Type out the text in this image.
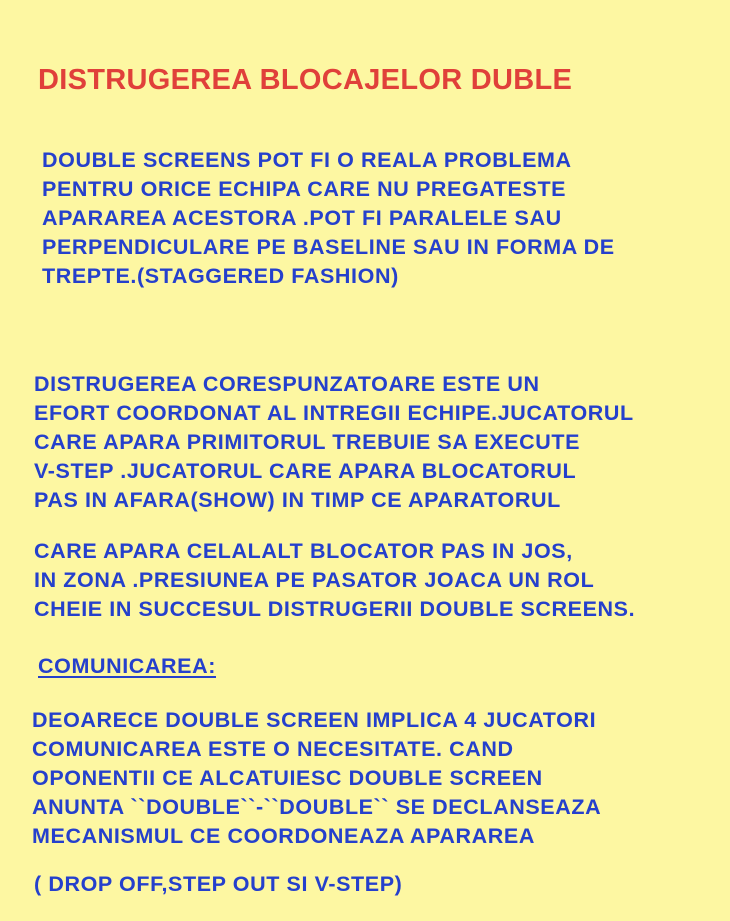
DISTRUGEREA BLOCAJELOR DUBLE
DOUBLE SCREENS POT FI O REALA PROBLEMA
PENTRU ORICE ECHIPA CARE NU PREGATESTE
APARAREA ACESTORA .POT FI PARALELE SAU
PERPENDICULARE PE BASELINE SAU IN FORMA DE
TREPTE.(STAGGERED FASHION)
DISTRUGEREA CORESPUNZATOARE ESTE UN
EFORT COORDONAT AL INTREGII ECHIPE.JUCATORUL
CARE APARA PRIMITORUL TREBUIE SA EXECUTE
V-STEP .JUCATORUL CARE APARA BLOCATORUL
PAS IN AFARA(SHOW) IN TIMP CE APARATORUL
CARE APARA CELALALT BLOCATOR PAS IN JOS,
IN ZONA .PRESIUNEA PE PASATOR JOACA UN ROL
CHEIE IN SUCCESUL DISTRUGERII DOUBLE SCREENS.
COMUNICAREA:
DEOARECE DOUBLE SCREEN IMPLICA 4 JUCATORI
COMUNICAREA ESTE O NECESITATE. CAND
OPONENTII CE ALCATUIESC DOUBLE SCREEN
ANUNTA ``DOUBLE``-``DOUBLE`` SE DECLANSEAZA
MECANISMUL CE COORDONEAZA APARAREA
( DROP OFF,STEP OUT SI V-STEP)
